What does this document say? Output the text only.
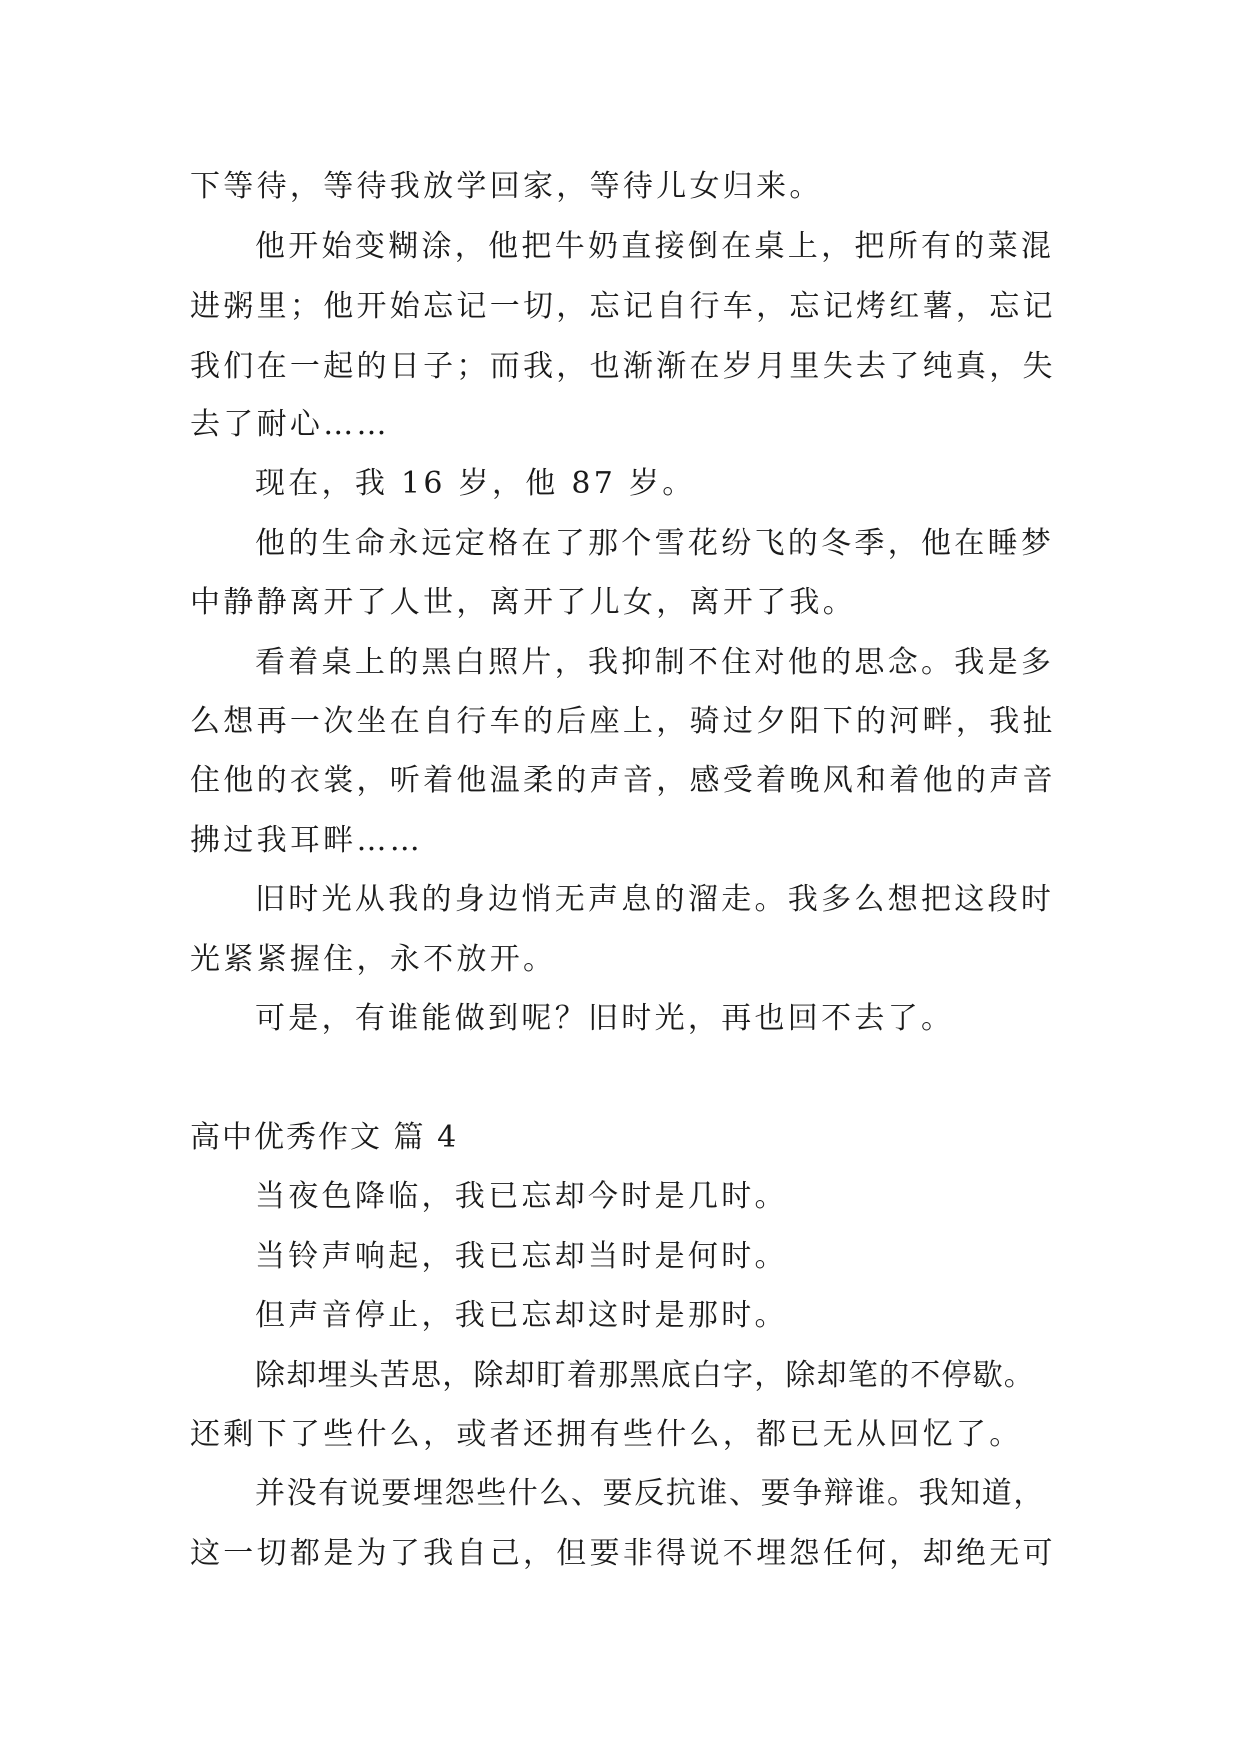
下等待，等待我放学回家，等待儿女归来。
他开始变糊涂，他把牛奶直接倒在桌上，把所有的菜混
进粥里；他开始忘记一切，忘记自行车，忘记烤红薯，忘记
我们在一起的日子；而我，也渐渐在岁月里失去了纯真，失
去了耐心……
现在，我 16 岁，他 87 岁。
他的生命永远定格在了那个雪花纷飞的冬季，他在睡梦
中静静离开了人世，离开了儿女，离开了我。
看着桌上的黑白照片，我抑制不住对他的思念。我是多
么想再一次坐在自行车的后座上，骑过夕阳下的河畔，我扯
住他的衣裳，听着他温柔的声音，感受着晚风和着他的声音
拂过我耳畔……
旧时光从我的身边悄无声息的溜走。我多么想把这段时
光紧紧握住，永不放开。
可是，有谁能做到呢？旧时光，再也回不去了。
高中优秀作文 篇 4
当夜色降临，我已忘却今时是几时。
当铃声响起，我已忘却当时是何时。
但声音停止，我已忘却这时是那时。
除却埋头苦思，除却盯着那黑底白字，除却笔的不停歇。
还剩下了些什么，或者还拥有些什么，都已无从回忆了。
并没有说要埋怨些什么、要反抗谁、要争辩谁。我知道，
这一切都是为了我自己，但要非得说不埋怨任何，却绝无可
